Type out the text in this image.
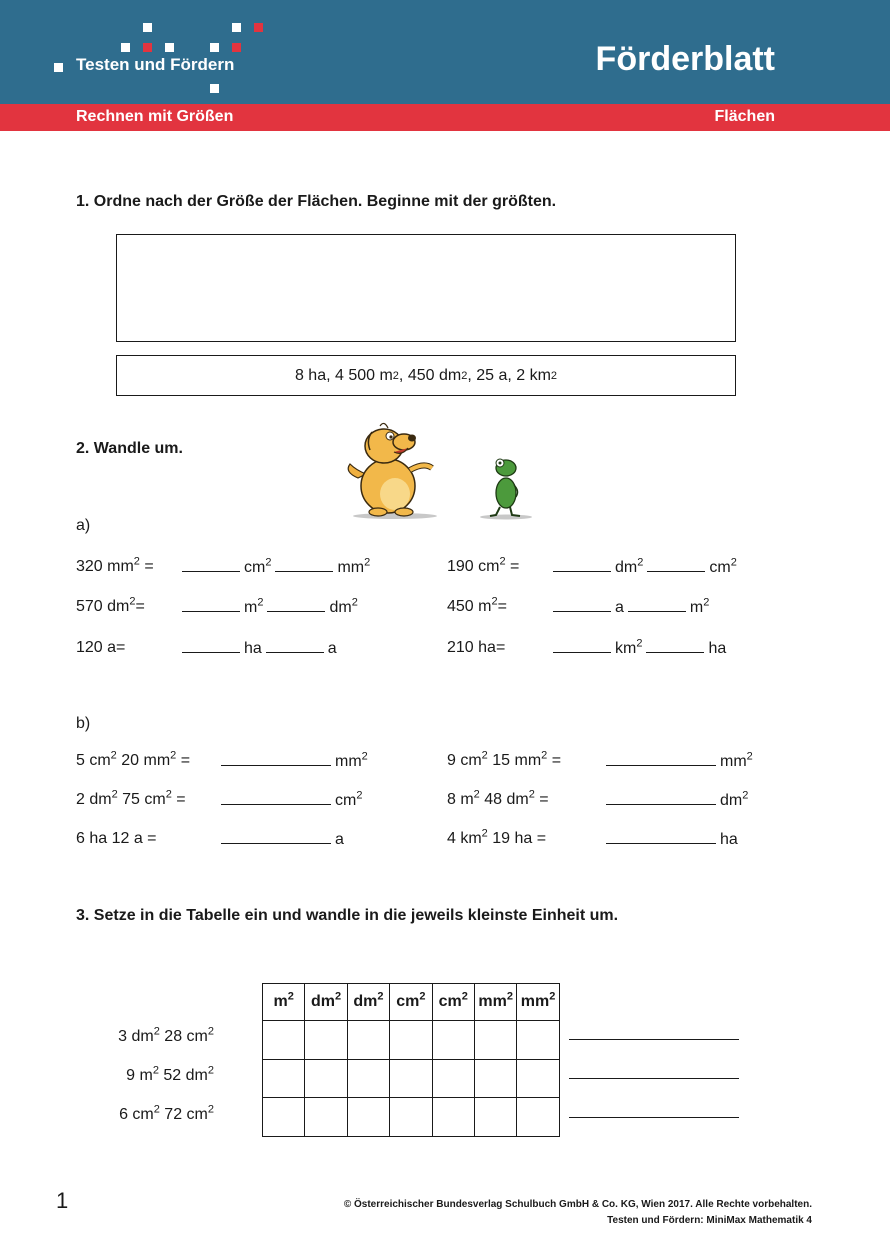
Testen und Fördern	Förderblatt
Rechnen mit Größen	Flächen
1. Ordne nach der Größe der Flächen. Beginne mit der größten.
8 ha, 4 500 m 2 , 450 dm 2 , 25 a, 2 km 2
2. Wandle um.
a)
320 $mm^2$ =	$cm^2$	$mm^2$	190 $cm^2$ =	$dm^2$	$cm^2$
570 $dm^2=$	$m^2$	$dm^2$	450 $m^2=$	a	$m^2$
120 a=	ha	a	210 ha=	$km^2$	ha
b)
5 $cm^2$ 20 $mm^2$ =	$mm^2$	9 $cm^2$ 15 $mm^2$ =	$mm^2$
2 $dm^2$ 75 $cm^2$ =	$cm^2$	8 $m^2$ 48 $dm^2$ =	$dm^2$
6 ha 12 a =	a	4 $km^2$ 19 ha =	ha
3. Setze in die Tabelle ein und wandle in die jeweils kleinste Einheit um.
$m^2$	$dm^2$	$dm^2$	$cm^2$	$cm^2$	$mm^2$	$mm^2$

3 $dm^2$ 28 $cm^2$
9 $m^2$ 52 $dm^2$
6 $cm^2$ 72 $cm^2$
1	© Österreichischer Bundesverlag Schulbuch GmbH & Co. KG, Wien 2017. Alle Rechte vorbehalten.
Testen und Fördern: MiniMax Mathematik 4
